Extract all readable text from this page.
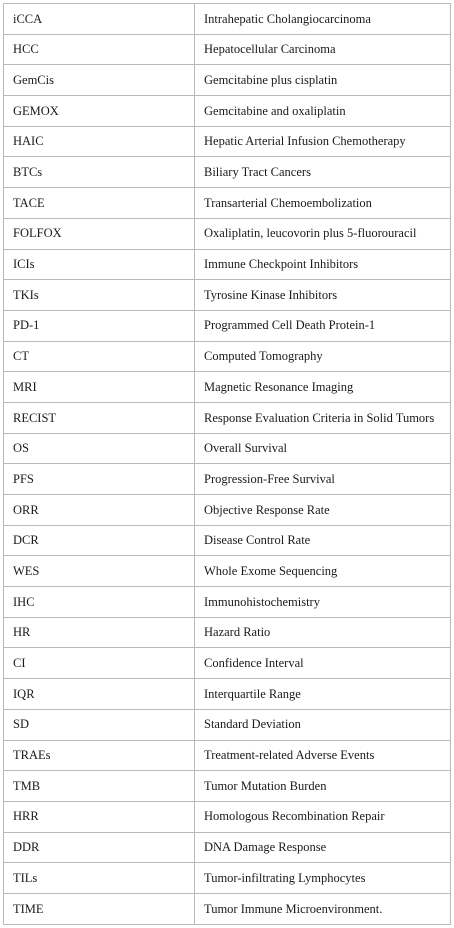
iCCA	Intrahepatic Cholangiocarcinoma
HCC	Hepatocellular Carcinoma
GemCis	Gemcitabine plus cisplatin
GEMOX	Gemcitabine and oxaliplatin
HAIC	Hepatic Arterial Infusion Chemotherapy
BTCs	Biliary Tract Cancers
TACE	Transarterial Chemoembolization
FOLFOX	Oxaliplatin, leucovorin plus 5-fluorouracil
ICIs	Immune Checkpoint Inhibitors
TKIs	Tyrosine Kinase Inhibitors
PD-1	Programmed Cell Death Protein-1
CT	Computed Tomography
MRI	Magnetic Resonance Imaging
RECIST	Response Evaluation Criteria in Solid Tumors
OS	Overall Survival
PFS	Progression-Free Survival
ORR	Objective Response Rate
DCR	Disease Control Rate
WES	Whole Exome Sequencing
IHC	Immunohistochemistry
HR	Hazard Ratio
CI	Confidence Interval
IQR	Interquartile Range
SD	Standard Deviation
TRAEs	Treatment-related Adverse Events
TMB	Tumor Mutation Burden
HRR	Homologous Recombination Repair
DDR	DNA Damage Response
TILs	Tumor-infiltrating Lymphocytes
TIME	Tumor Immune Microenvironment.
